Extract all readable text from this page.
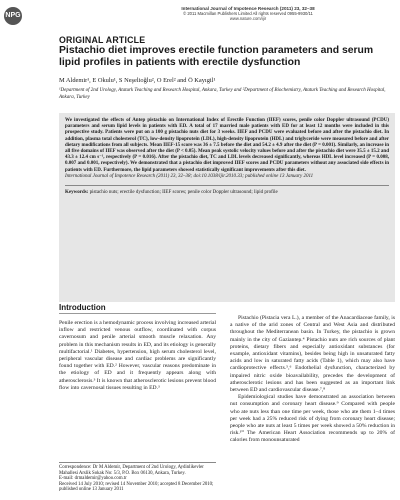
NPG
International Journal of Impotence Research (2011) 23, 32–38
© 2011 Macmillan Publishers Limited All rights reserved 0955-9930/11
www.nature.com/ijir
ORIGINAL ARTICLE
Pistachio diet improves erectile function parameters and serum lipid profiles in patients with erectile dysfunction
M Aldemir¹, E Okulu¹, S Neşelioğlu², O Erel² and Ö Kayıgil¹
¹Department of 2nd Urology, Ataturk Teaching and Research Hospital, Ankara, Turkey and ²Department of Biochemistry, Ataturk Teaching and Research Hospital, Ankara, Turkey
We investigated the effects of Antep pistachio on International Index of Erectile Function (IIEF) scores, penile color Doppler ultrasound (PCDU) parameters and serum lipid levels in patients with ED. A total of 17 married male patients with ED for at least 12 months were included in this prospective study. Patients were put on a 100 g pistachio nuts diet for 3 weeks. IIEF and PCDU were evaluated before and after the pistachio diet. In addition, plasma total cholesterol (TC), low-density lipoprotein (LDL), high-density lipoprotein (HDL) and triglyceride were measured before and after dietary modifications from all subjects. Mean IIEF-15 score was 36 ± 7.5 before the diet and 54.2 ± 4.9 after the diet (P = 0.001). Similarly, an increase in all five domains of IIEF was observed after the diet (P < 0.05). Mean peak systolic velocity values before and after the pistachio diet were 35.5 ± 15.2 and 43.3 ± 12.4 cm s⁻¹, respectively (P = 0.016). After the pistachio diet, TC and LDL levels decreased significantly, whereas HDL level increased (P = 0.008, 0.007 and 0.001, respectively). We demonstrated that a pistachio diet improved IIEF scores and PCDU parameters without any associated side effects in patients with ED. Furthermore, the lipid parameters showed statistically significant improvements after this diet.
International Journal of Impotence Research (2011) 23, 32–38; doi:10.1038/ijir.2010.33; published online 13 January 2011
Keywords: pistachio nuts; erectile dysfunction; IIEF scores; penile color Doppler ultrasound; lipid profile
Introduction

Penile erection is a hemodynamic process involving increased arterial inflow and restricted venous outflow, coordinated with corpus cavernosum and penile arterial smooth muscle relaxation. Any problem in this mechanism results in ED, and its etiology is generally multifactorial.¹ Diabetes, hypertension, high serum cholesterol level, peripheral vascular disease and cardiac problems are significantly found together with ED.² However, vascular reasons predominate in the etiology of ED and it frequently appears along with atherosclerosis.³ It is known that atherosclerotic lesions prevent blood flow into cavernosal tissues resulting in ED.³

Pistachio (Pistacia vera L.), a member of the Anacardiaceae family, is a native of the arid zones of Central and West Asia and distributed throughout the Mediterranean basin. In Turkey, the pistachio is grown mainly in the city of Gaziantep.⁴ Pistachio nuts are rich sources of plant proteins, dietary fibers and especially antioxidant substances (for example, antioxidant vitamins), besides being high in unsaturated fatty acids and low in saturated fatty acids (Table 1), which may also have cardioprotective effects.⁵,⁶ Endothelial dysfunction, characterized by impaired nitric oxide bioavailability, precedes the development of atherosclerotic lesions and has been suggested as an important link between ED and cardiovascular disease.⁷,⁸

Epidemiological studies have demonstrated an association between nut consumption and coronary heart disease.⁹ Compared with people who ate nuts less than one time per week, those who ate them 1–4 times per week had a 25% reduced risk of dying from coronary heart disease; people who ate nuts at least 5 times per week showed a 50% reduction in risk.¹⁰ The American Heart Association recommends up to 20% of calories from monounsaturated

Correspondence: Dr M Aldemir, Department of 2nd Urology, Aydinlikevler Mahallesi Arslik Sokak No: 5/3, P.O. Box 06130, Ankara, Turkey.
E-mail: drmaldemir@yahoo.com.tr
Received 14 July 2010; revised 14 November 2010; accepted 8 December 2010; published online 13 January 2011
